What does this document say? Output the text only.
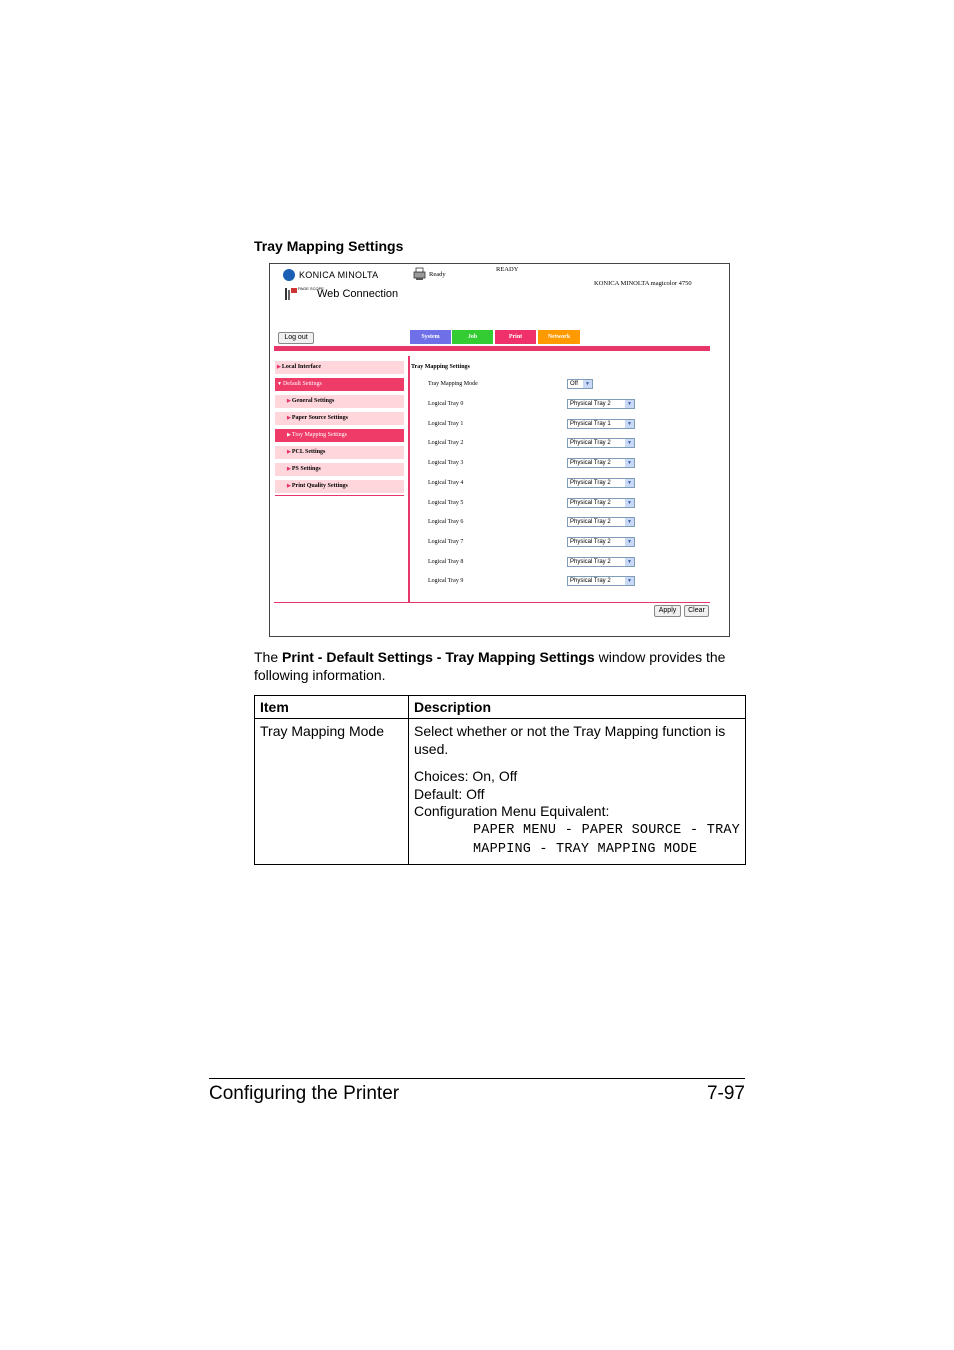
Tray Mapping Settings
KONICA MINOLTA
PAGE SCOPE
Web Connection
Ready
READY
KONICA MINOLTA magicolor 4750
Log out
Tray Mapping Settings
Tray Mapping Mode	Off	▼
Apply	Clear
System	Job	Print	Network
▶Local Interface
▼Default Settings
▶General Settings
▶Paper Source Settings
▶Tray Mapping Settings
▶PCL Settings
▶PS Settings
▶Print Quality Settings
Logical Tray 0	Physical Tray 2	▼
Logical Tray 1	Physical Tray 1	▼
Logical Tray 2	Physical Tray 2	▼
Logical Tray 3	Physical Tray 2	▼
Logical Tray 4	Physical Tray 2	▼
Logical Tray 5	Physical Tray 2	▼
Logical Tray 6	Physical Tray 2	▼
Logical Tray 7	Physical Tray 2	▼
Logical Tray 8	Physical Tray 2	▼
Logical Tray 9	Physical Tray 2	▼
The Print - Default Settings - Tray Mapping Settings window provides the following information.
Item	Description
Tray Mapping Mode	Select whether or not the Tray Mapping function is used.

Choices: On, Off

Default: Off

Configuration Menu Equivalent:

PAPER MENU - PAPER SOURCE - TRAY MAPPING - TRAY MAPPING MODE

Configuring the Printer	7-97
